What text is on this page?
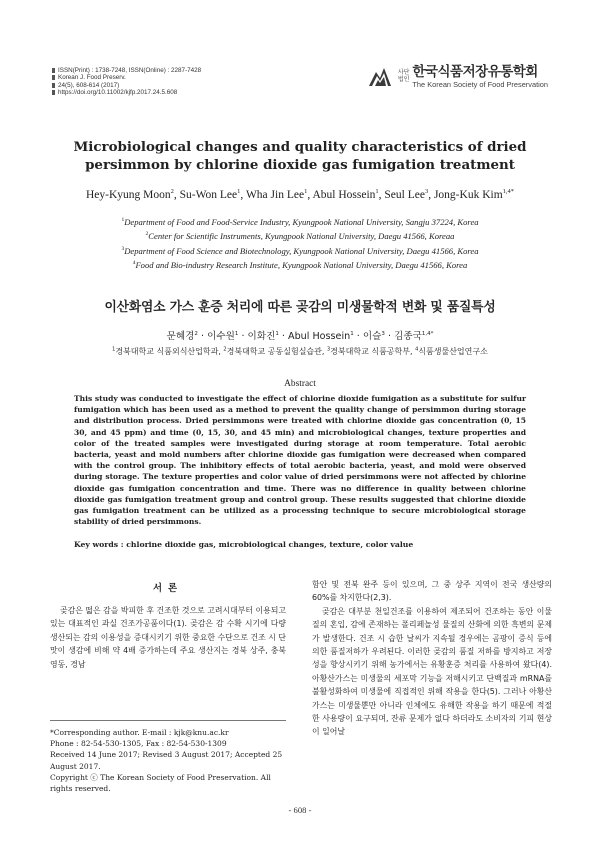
ISSN(Print) : 1738-7248, ISSN(Online) : 2287-7428
Korean J. Food Preserv.
24(5), 608-614 (2017)
https://doi.org/10.11002/kjfp.2017.24.5.608
사단
법인 한국식품저장유통학회
The Korean Society of Food Preservation
Microbiological changes and quality characteristics of dried persimmon by chlorine dioxide gas fumigation treatment
Hey-Kyung Moon$^2$, Su-Won Lee$^1$, Wha Jin Lee$^1$, Abul Hossein$^1$, Seul Lee$^3$, Jong-Kuk Kim$^{1,4*}$
$^1$Department of Food and Food-Service Industry, Kyungpook National University, Sangju 37224, Korea
$^2$Center for Scientific Instruments, Kyungpook National University, Daegu 41566, Koreaa
$^3$Department of Food Science and Biotechnology, Kyungpook National University, Daegu 41566, Korea
$^4$Food and Bio-industry Research Institute, Kyungpook National University, Daegu 41566, Korea
이산화염소 가스 훈증 처리에 따른 곶감의 미생물학적 변화 및 품질특성
문혜경$^2$ · 이수원$^1$ · 이화진$^1$ · Abul Hossein$^1$ · 이슬$^3$ · 김종국$^{1,4*}$
$^1$경북대학교 식품외식산업학과, $^2$경북대학교 공동실험실습관, $^3$경북대학교 식품공학부, $^4$식품생물산업연구소
Abstract
This study was conducted to investigate the effect of chlorine dioxide fumigation as a substitute for sulfur fumigation which has been used as a method to prevent the quality change of persimmon during storage and distribution process. Dried persimmons were treated with chlorine dioxide gas concentration (0, 15 30, and 45 ppm) and time (0, 15, 30, and 45 min) and microbiological changes, texture properties and color of the treated samples were investigated during storage at room temperature. Total aerobic bacteria, yeast and mold numbers after chlorine dioxide gas fumigation were decreased when compared with the control group. The inhibitory effects of total aerobic bacteria, yeast, and mold were observed during storage. The texture properties and color value of dried persimmons were not affected by chlorine dioxide gas fumigation concentration and time. There was no difference in quality between chlorine dioxide gas fumigation treatment group and control group. These results suggested that chlorine dioxide gas fumigation treatment can be utilized as a processing technique to secure microbiological storage stability of dried persimmons.
Key words : chlorine dioxide gas, microbiological changes, texture, color value
서론

곶감은 떫은 감을 박피한 후 건조한 것으로 고려시대부터 이용되고 있는 대표적인 과실 건조가공품이다(1). 곶감은 감 수확 시기에 다량 생산되는 감의 이용성을 증대시키기 위한 중요한 수단으로 건조 시 단맛이 생감에 비해 약 4배 증가하는데 주요 생산지는 경북 상주, 충북 영동, 경남

함안 및 전북 완주 등이 있으며, 그 중 상주 지역이 전국 생산량의 60%를 차지한다(2,3).

곶감은 대부분 천일건조를 이용하여 제조되어 건조하는 동안 이물질의 혼입, 감에 존재하는 폴리페놀성 물질의 산화에 의한 흑변의 문제가 발생한다. 건조 시 습한 날씨가 지속될 경우에는 곰팡이 증식 등에 의한 품질저하가 우려된다. 이러한 곶감의 품질 저하를 방지하고 저장성을 향상시키기 위해 농가에서는 유황훈증 처리를 사용하여 왔다(4). 아황산가스는 미생물의 세포막 기능을 저해시키고 단백질과 mRNA를 불활성화하여 미생물에 직접적인 위해 작용을 한다(5). 그러나 아황산가스는 미생물뿐만 아니라 인체에도 유해한 작용을 하기 때문에 적절한 사용량이 요구되며, 잔류 문제가 없다 하더라도 소비자의 기피 현상이 일어날

*Corresponding author. E-mail : kjk@knu.ac.kr
Phone : 82-54-530-1305, Fax : 82-54-530-1309
Received 14 June 2017; Revised 3 August 2017; Accepted 25 August 2017.
Copyright ⓒ The Korean Society of Food Preservation. All rights reserved.
- 608 -
